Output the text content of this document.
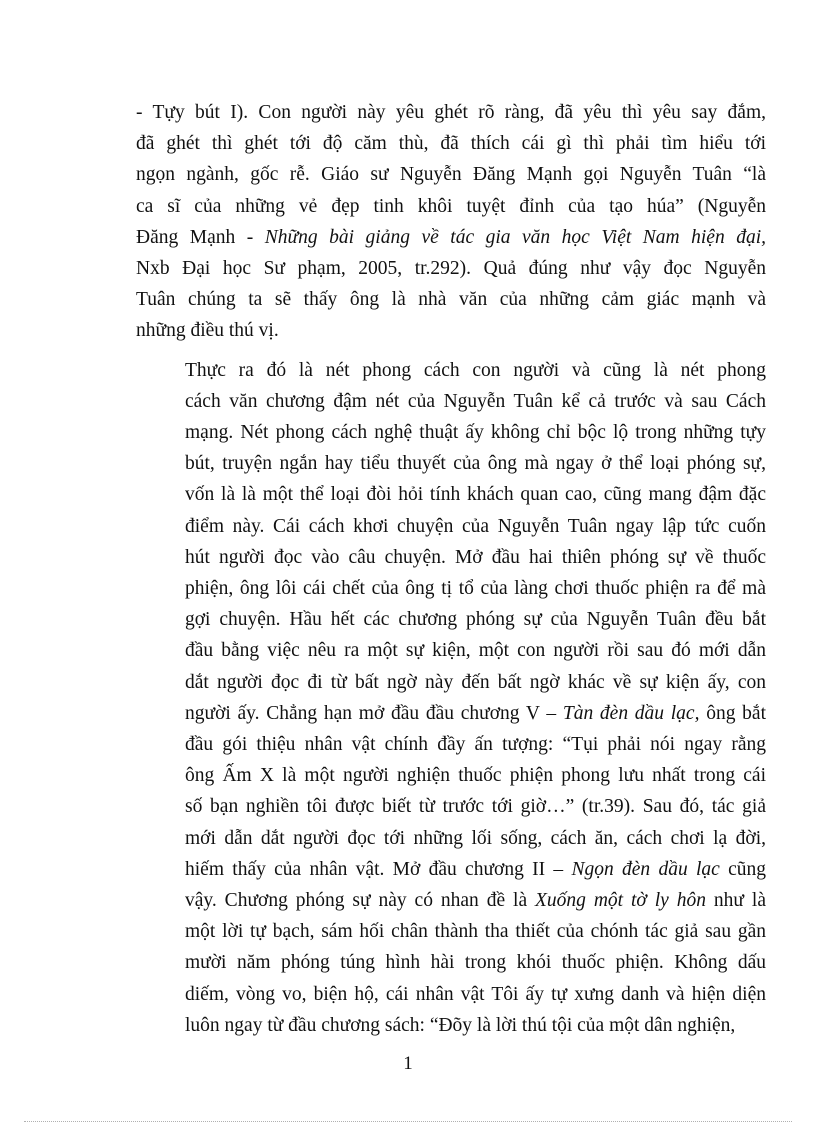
- Tựy bút I). Con người này yêu ghét rõ ràng, đã yêu thì yêu say đắm,
đã ghét thì ghét tới độ căm thù, đã thích cái gì thì phải tìm hiểu tới
ngọn ngành, gốc rễ. Giáo sư Nguyễn Đăng Mạnh gọi Nguyễn Tuân “là
ca sĩ của những vẻ đẹp tinh khôi tuyệt đỉnh của tạo húa” (Nguyễn
Đăng Mạnh - Những bài giảng về tác gia văn học Việt Nam hiện đại,
Nxb Đại học Sư phạm, 2005, tr.292). Quả đúng như vậy đọc Nguyễn
Tuân chúng ta sẽ thấy ông là nhà văn của những cảm giác mạnh và
những điều thú vị.

Thực ra đó là nét phong cách con người và cũng là nét phong
cách văn chương đậm nét của Nguyễn Tuân kể cả trước và sau Cách
mạng. Nét phong cách nghệ thuật ấy không chỉ bộc lộ trong những tựy
bút, truyện ngắn hay tiểu thuyết của ông mà ngay ở thể loại phóng sự,
vốn là là một thể loại đòi hỏi tính khách quan cao, cũng mang đậm đặc
điểm này. Cái cách khơi chuyện của Nguyễn Tuân ngay lập tức cuốn
hút người đọc vào câu chuyện. Mở đầu hai thiên phóng sự về thuốc
phiện, ông lôi cái chết của ông tị tổ của làng chơi thuốc phiện ra để mà
gợi chuyện. Hầu hết các chương phóng sự của Nguyễn Tuân đều bắt
đầu bằng việc nêu ra một sự kiện, một con người rồi sau đó mới dẫn
dắt người đọc đi từ bất ngờ này đến bất ngờ khác về sự kiện ấy, con
người ấy. Chẳng hạn mở đầu đầu chương V – Tàn đèn dầu lạc, ông bắt
đầu gói thiệu nhân vật chính đầy ấn tượng: “Tụi phải nói ngay rằng
ông Ấm X là một người nghiện thuốc phiện phong lưu nhất trong cái
số bạn nghiền tôi được biết từ trước tới giờ…” (tr.39). Sau đó, tác giả
mới dẫn dắt người đọc tới những lối sống, cách ăn, cách chơi lạ đời,
hiếm thấy của nhân vật. Mở đầu chương II – Ngọn đèn dầu lạc cũng
vậy. Chương phóng sự này có nhan đề là Xuống một tờ ly hôn như là
một lời tự bạch, sám hối chân thành tha thiết của chónh tác giả sau gần
mười năm phóng túng hình hài trong khói thuốc phiện. Không dấu
diếm, vòng vo, biện hộ, cái nhân vật Tôi ấy tự xưng danh và hiện diện
luôn ngay từ đầu chương sách: “Đõy là lời thú tội của một dân nghiện,

1
